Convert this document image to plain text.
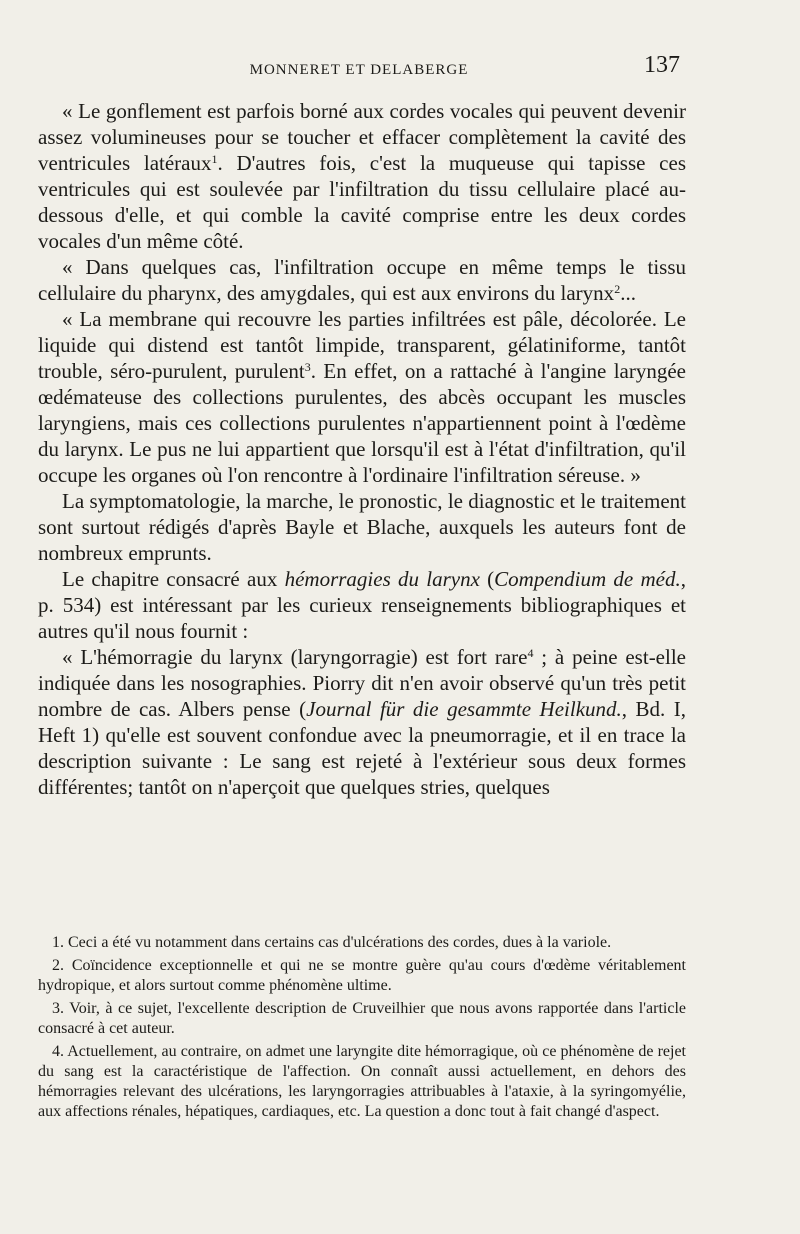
MONNERET ET DELABERGE	137

« Le gonflement est parfois borné aux cordes vocales qui peuvent devenir assez volumineuses pour se toucher et effacer complètement la cavité des ventricules latéraux$^1$. D'autres fois, c'est la muqueuse qui tapisse ces ventricules qui est soulevée par l'infiltration du tissu cellulaire placé au-dessous d'elle, et qui comble la cavité comprise entre les deux cordes vocales d'un même côté.

« Dans quelques cas, l'infiltration occupe en même temps le tissu cellulaire du pharynx, des amygdales, qui est aux environs du larynx$^2$...

« La membrane qui recouvre les parties infiltrées est pâle, décolorée. Le liquide qui distend est tantôt limpide, transparent, gélatiniforme, tantôt trouble, séro-purulent, purulent$^3$. En effet, on a rattaché à l'angine laryngée œdémateuse des collections purulentes, des abcès occupant les muscles laryngiens, mais ces collections purulentes n'appartiennent point à l'œdème du larynx. Le pus ne lui appartient que lorsqu'il est à l'état d'infiltration, qu'il occupe les organes où l'on rencontre à l'ordinaire l'infiltration séreuse. »

La symptomatologie, la marche, le pronostic, le diagnostic et le traitement sont surtout rédigés d'après Bayle et Blache, auxquels les auteurs font de nombreux emprunts.

Le chapitre consacré aux hémorragies du larynx (Compendium de méd., p. 534) est intéressant par les curieux renseignements bibliographiques et autres qu'il nous fournit :

« L'hémorragie du larynx (laryngorragie) est fort rare$^4$ ; à peine est-elle indiquée dans les nosographies. Piorry dit n'en avoir observé qu'un très petit nombre de cas. Albers pense (Journal für die gesammte Heilkund., Bd. I, Heft 1) qu'elle est souvent confondue avec la pneumorragie, et il en trace la description suivante : Le sang est rejeté à l'extérieur sous deux formes différentes; tantôt on n'aperçoit que quelques stries, quelques

1. Ceci a été vu notamment dans certains cas d'ulcérations des cordes, dues à la variole.

2. Coïncidence exceptionnelle et qui ne se montre guère qu'au cours d'œdème véritablement hydropique, et alors surtout comme phénomène ultime.

3. Voir, à ce sujet, l'excellente description de Cruveilhier que nous avons rapportée dans l'article consacré à cet auteur.

4. Actuellement, au contraire, on admet une laryngite dite hémorragique, où ce phénomène de rejet du sang est la caractéristique de l'affection. On connaît aussi actuellement, en dehors des hémorragies relevant des ulcérations, les laryngorragies attribuables à l'ataxie, à la syringomyélie, aux affections rénales, hépatiques, cardiaques, etc. La question a donc tout à fait changé d'aspect.
